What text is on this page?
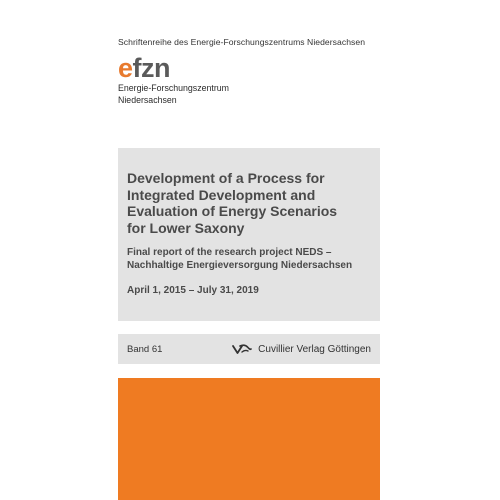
Schriftenreihe des Energie-Forschungszentrums Niedersachsen
efzn
Energie-Forschungszentrum
Niedersachsen
Development of a Process for
Integrated Development and
Evaluation of Energy Scenarios
for Lower Saxony
Final report of the research project NEDS –
Nachhaltige Energieversorgung Niedersachsen
April 1, 2015 – July 31, 2019
Band 61	Cuvillier Verlag Göttingen
